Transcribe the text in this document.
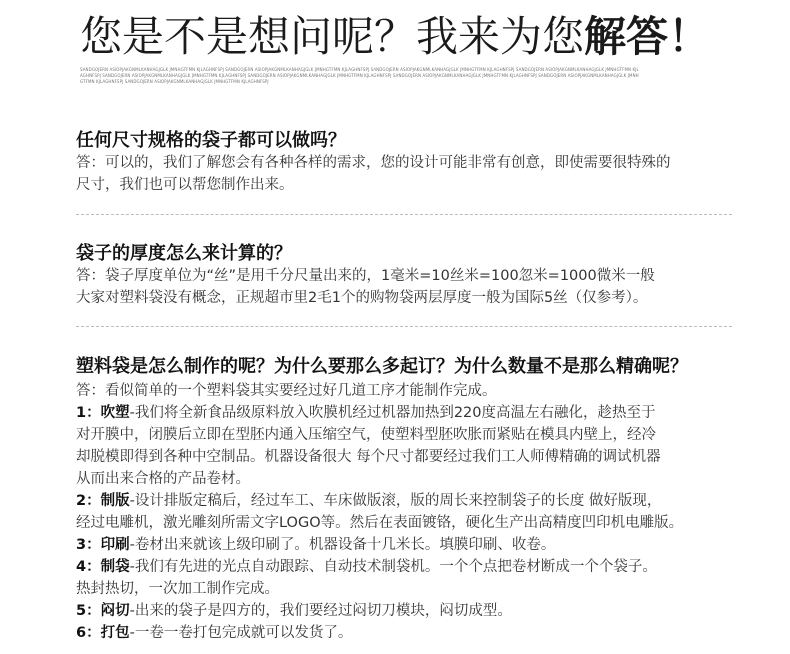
您是不是想问呢？我来为您解答！
SANDGOJERN ASIOPJAKGNMLKANHAGJGLK JMNHGTFMN KJLAGHNFSPJ SANDGOJERN ASIOPJAKGNMLKANHAGJGLK JMNHGTFMN KJLAGHNFSPJ SANDGOJERN ASIOPJAKGNMLKANHAGJGLK JMNHGTFMN KJLAGHNFSPJ SANDGOJERN ASIOPJAKGNMLKANHAGJGLK JMNHGTFMN KJLAGHNFSPJ SANDGOJERN ASIOPJAKGNMLKANHAGJGLK JMNHGTFMN KJLAGHNFSPJ SANDGOJERN ASIOPJAKGNMLKANHAGJGLK JMNHGTFMN KJLAGHNFSPJ SANDGOJERN ASIOPJAKGNMLKANHAGJGLK JMNHGTFMN KJLAGHNFSPJ SANDGOJERN ASIOPJAKGNMLKANHAGJGLK JMNHGTFMN KJLAGHNFSPJ SANDGOJERN ASIOPJAKGNMLKANHAGJGLK JMNHGTFMN KJLAGHNFSPJ
任何尺寸规格的袋子都可以做吗？

答：可以的，我们了解您会有各种各样的需求，您的设计可能非常有创意，即使需要很特殊的

尺寸，我们也可以帮您制作出来。

袋子的厚度怎么来计算的？

答：袋子厚度单位为“丝”是用千分尺量出来的，1毫米=10丝米=100忽米=1000微米一般

大家对塑料袋没有概念，正规超市里2毛1个的购物袋两层厚度一般为国际5丝（仅参考）。

塑料袋是怎么制作的呢？为什么要那么多起订？为什么数量不是那么精确呢？

答：看似简单的一个塑料袋其实要经过好几道工序才能制作完成。

1：吹塑-我们将全新食品级原料放入吹膜机经过机器加热到220度高温左右融化，趁热至于

对开膜中，闭膜后立即在型胚内通入压缩空气，使塑料型胚吹胀而紧贴在模具内壁上，经冷

却脱模即得到各种中空制品。机器设备很大 每个尺寸都要经过我们工人师傅精确的调试机器

从而出来合格的产品卷材。

2：制版-设计排版定稿后，经过车工、车床做版滚，版的周长来控制袋子的长度 做好版现，

经过电雕机，激光雕刻所需文字LOGO等。然后在表面镀铬，硬化生产出高精度凹印机电雕版。

3：印刷-卷材出来就该上级印刷了。机器设备十几米长。填膜印刷、收卷。

4：制袋-我们有先进的光点自动跟踪、自动技术制袋机。一个个点把卷材断成一个个袋子。

热封热切，一次加工制作完成。

5：闷切-出来的袋子是四方的，我们要经过闷切刀模块，闷切成型。

6：打包-一卷一卷打包完成就可以发货了。
